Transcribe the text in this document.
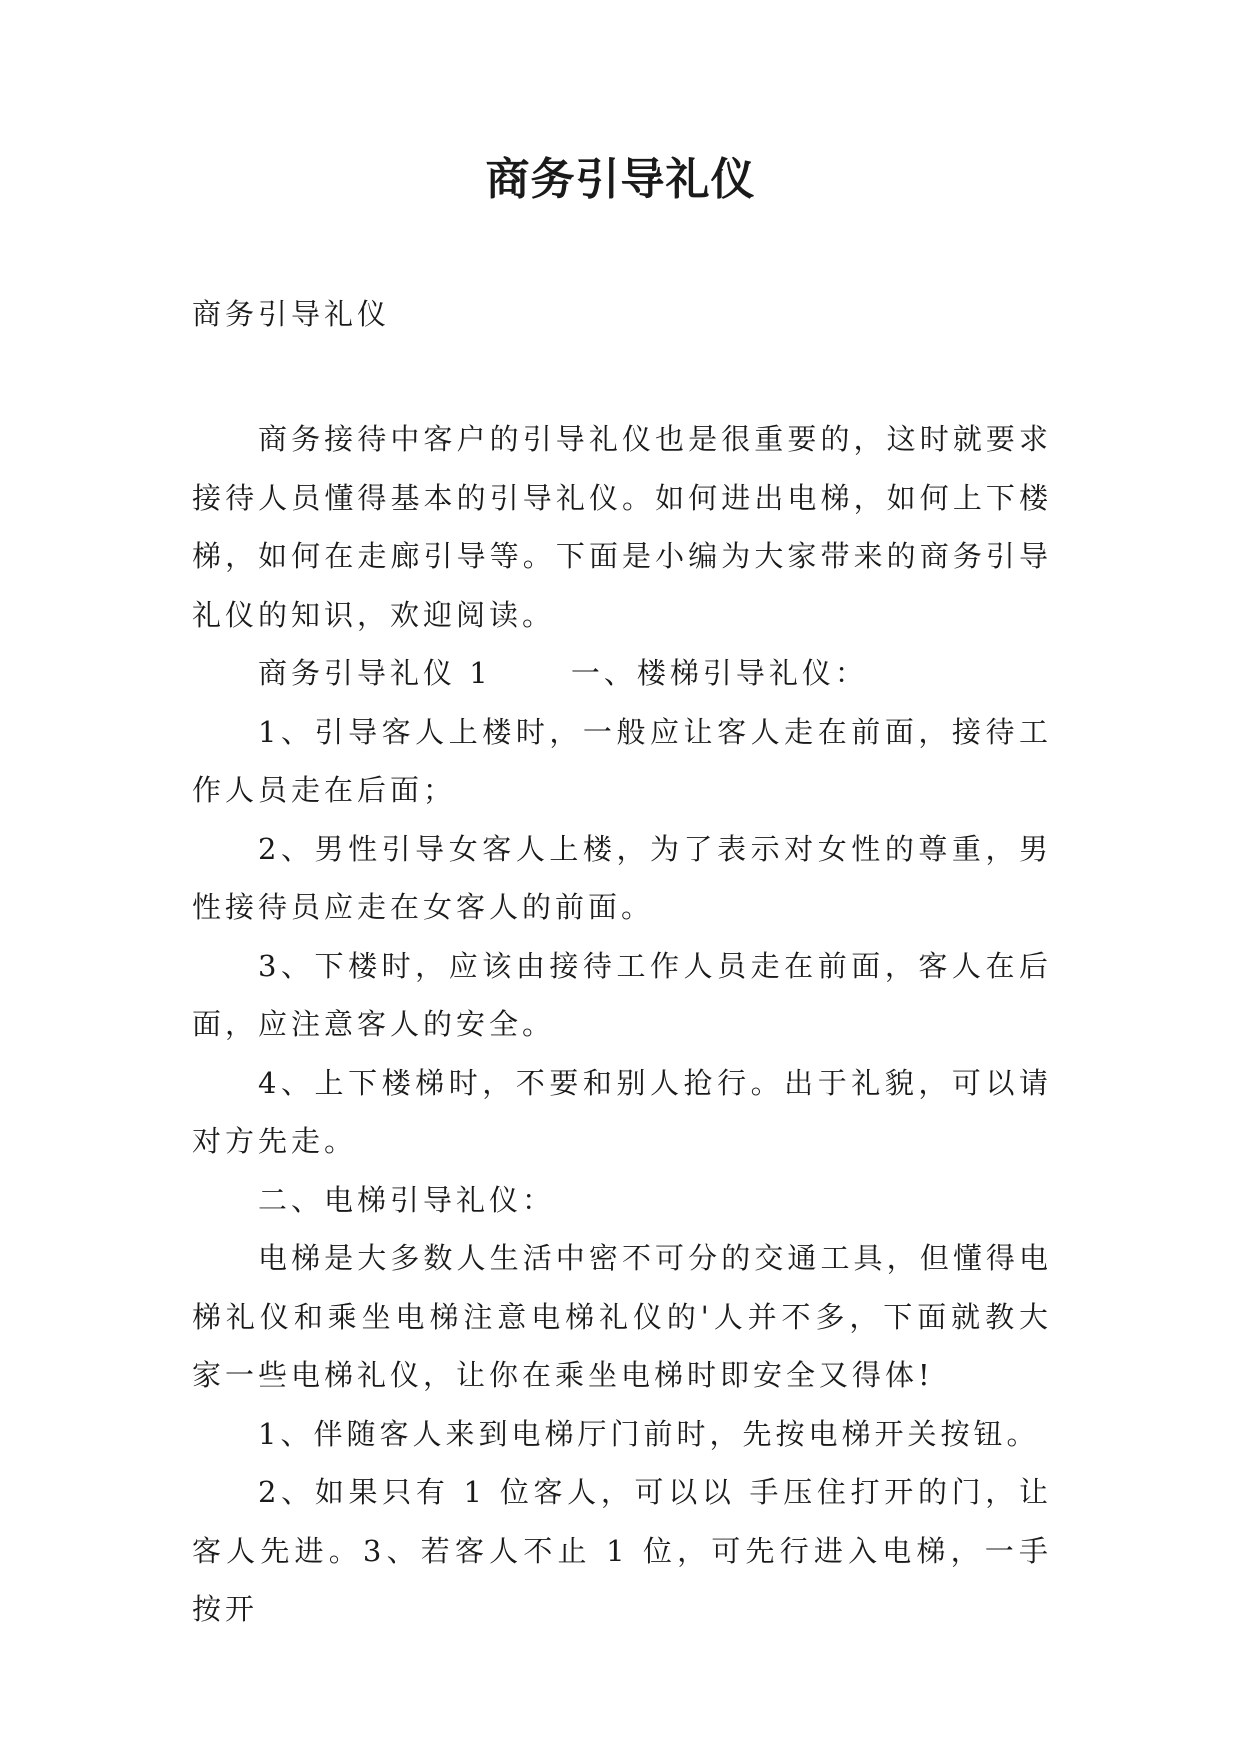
商务引导礼仪
商务引导礼仪

商务接待中客户的引导礼仪也是很重要的，这时就要求接待人员懂得基本的引导礼仪。如何进出电梯，如何上下楼梯，如何在走廊引导等。下面是小编为大家带来的商务引导礼仪的知识，欢迎阅读。

商务引导礼仪 1 　　一、楼梯引导礼仪：

1、引导客人上楼时，一般应让客人走在前面，接待工作人员走在后面；

2、男性引导女客人上楼，为了表示对女性的尊重，男性接待员应走在女客人的前面。

3、下楼时，应该由接待工作人员走在前面，客人在后面，应注意客人的安全。

4、上下楼梯时，不要和别人抢行。出于礼貌，可以请对方先走。

二、电梯引导礼仪：

电梯是大多数人生活中密不可分的交通工具，但懂得电梯礼仪和乘坐电梯注意电梯礼仪的'人并不多，下面就教大家一些电梯礼仪，让你在乘坐电梯时即安全又得体!

1、伴随客人来到电梯厅门前时，先按电梯开关按钮。

2、如果只有 1 位客人，可以以 手压住打开的门，让客人先进。3、若客人不止 1 位，可先行进入电梯，一手按开
